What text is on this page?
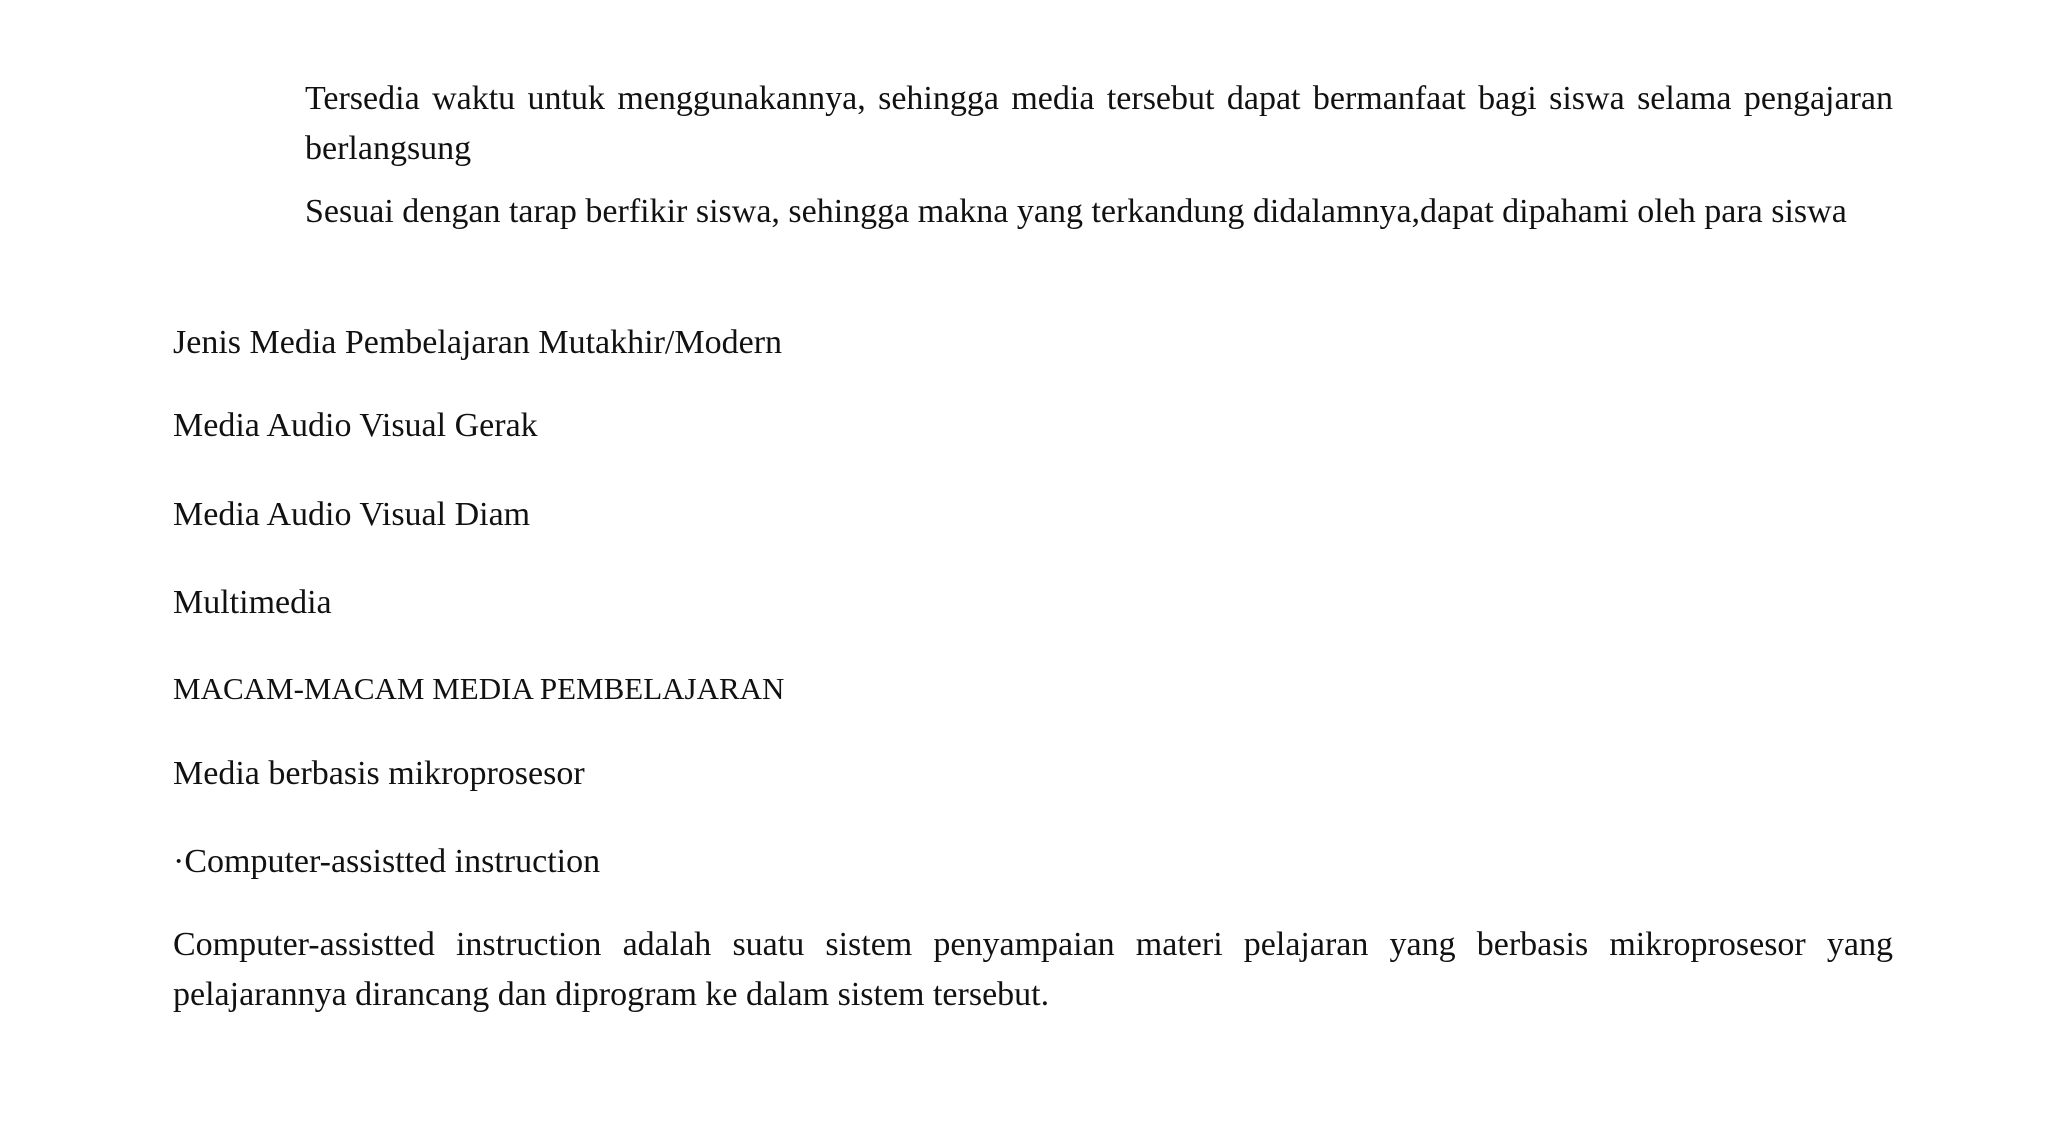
Tersedia waktu untuk menggunakannya, sehingga media tersebut dapat bermanfaat bagi siswa selama pengajaran berlangsung

Sesuai dengan tarap berfikir siswa, sehingga makna yang terkandung didalamnya,dapat dipahami oleh para siswa

Jenis Media Pembelajaran Mutakhir/Modern

Media Audio Visual Gerak

Media Audio Visual Diam

Multimedia

MACAM-MACAM MEDIA PEMBELAJARAN

Media berbasis mikroprosesor

·Computer-assistted instruction

Computer-assistted instruction adalah suatu sistem penyampaian materi pelajaran yang berbasis mikroprosesor yang pelajarannya dirancang dan diprogram ke dalam sistem tersebut.
